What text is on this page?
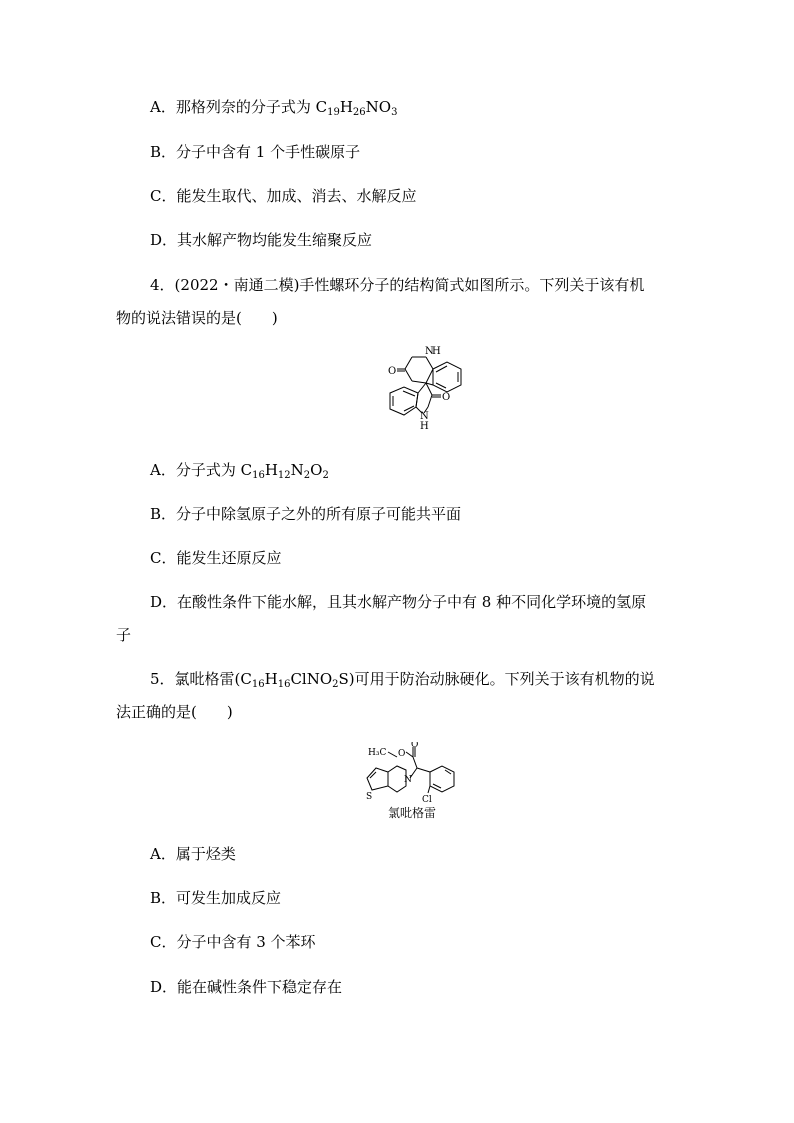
A．那格列奈的分子式为 $C_{19}H_{26}NO_3$
B．分子中含有 1 个手性碳原子
C．能发生取代、加成、消去、水解反应
D．其水解产物均能发生缩聚反应
4．(2022・南通二模)手性螺环分子的结构简式如图所示。下列关于该有机
物的说法错误的是(　　)
N
H
O
O
N
H
A．分子式为 $C_{16}H_{12}N_2O_2$
B．分子中除氢原子之外的所有原子可能共平面
C．能发生还原反应
D．在酸性条件下能水解，且其水解产物分子中有 8 种不同化学环境的氢原
子
5．氯吡格雷$(C_{16}H_{16}ClNO_2S)$可用于防治动脉硬化。下列关于该有机物的说
法正确的是(　　)
H₃C O
O
N
S	Cl
氯吡格雷
A．属于烃类
B．可发生加成反应
C．分子中含有 3 个苯环
D．能在碱性条件下稳定存在
